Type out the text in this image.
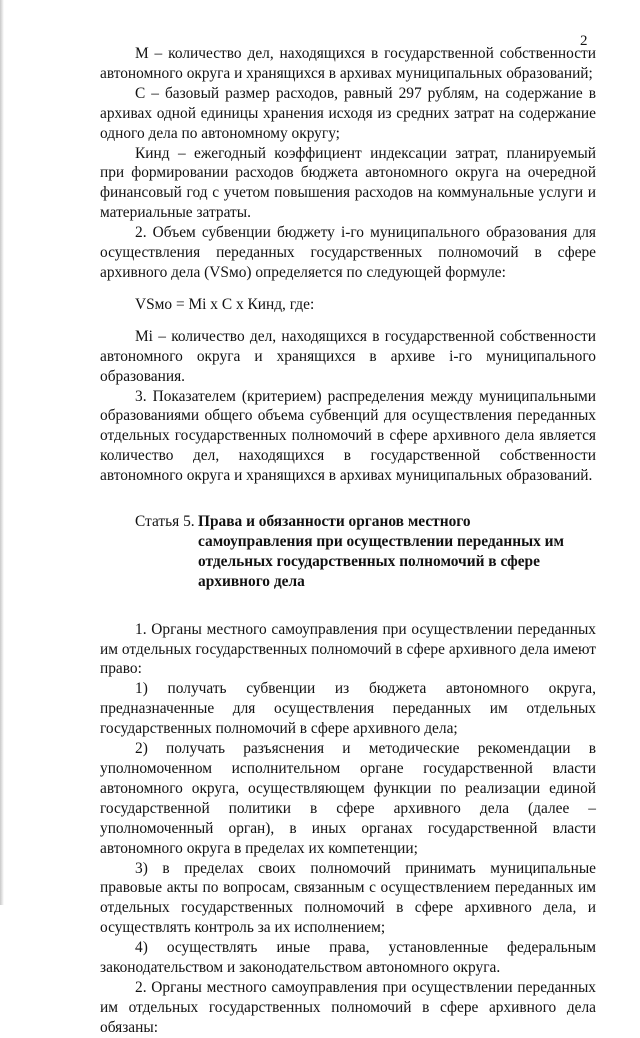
2

М – количество дел, находящихся в государственной собственности автономного округа и хранящихся в архивах муниципальных образований;

С – базовый размер расходов, равный 297 рублям, на содержание в архивах одной единицы хранения исходя из средних затрат на содержание одного дела по автономному округу;

Кинд – ежегодный коэффициент индексации затрат, планируемый при формировании расходов бюджета автономного округа на очередной финансовый год с учетом повышения расходов на коммунальные услуги и материальные затраты.

2. Объем субвенции бюджету i-го муниципального образования для осуществления переданных государственных полномочий в сфере архивного дела (VSмо) определяется по следующей формуле:

VSмо = Mi x C x Кинд, где:

Mi – количество дел, находящихся в государственной собственности автономного округа и хранящихся в архиве i-го муниципального образования.

3. Показателем (критерием) распределения между муниципальными образованиями общего объема субвенций для осуществления переданных отдельных государственных полномочий в сфере архивного дела является количество дел, находящихся в государственной собственности автономного округа и хранящихся в архивах муниципальных образований.

Статья 5. Права и обязанности органов местного самоуправления при осуществлении переданных им отдельных государственных полномочий в сфере архивного дела

1. Органы местного самоуправления при осуществлении переданных им отдельных государственных полномочий в сфере архивного дела имеют право:

1) получать субвенции из бюджета автономного округа, предназначенные для осуществления переданных им отдельных государственных полномочий в сфере архивного дела;

2) получать разъяснения и методические рекомендации в уполномоченном исполнительном органе государственной власти автономного округа, осуществляющем функции по реализации единой государственной политики в сфере архивного дела (далее – уполномоченный орган), в иных органах государственной власти автономного округа в пределах их компетенции;

3) в пределах своих полномочий принимать муниципальные правовые акты по вопросам, связанным с осуществлением переданных им отдельных государственных полномочий в сфере архивного дела, и осуществлять контроль за их исполнением;

4) осуществлять иные права, установленные федеральным законодательством и законодательством автономного округа.

2. Органы местного самоуправления при осуществлении переданных им отдельных государственных полномочий в сфере архивного дела обязаны:
